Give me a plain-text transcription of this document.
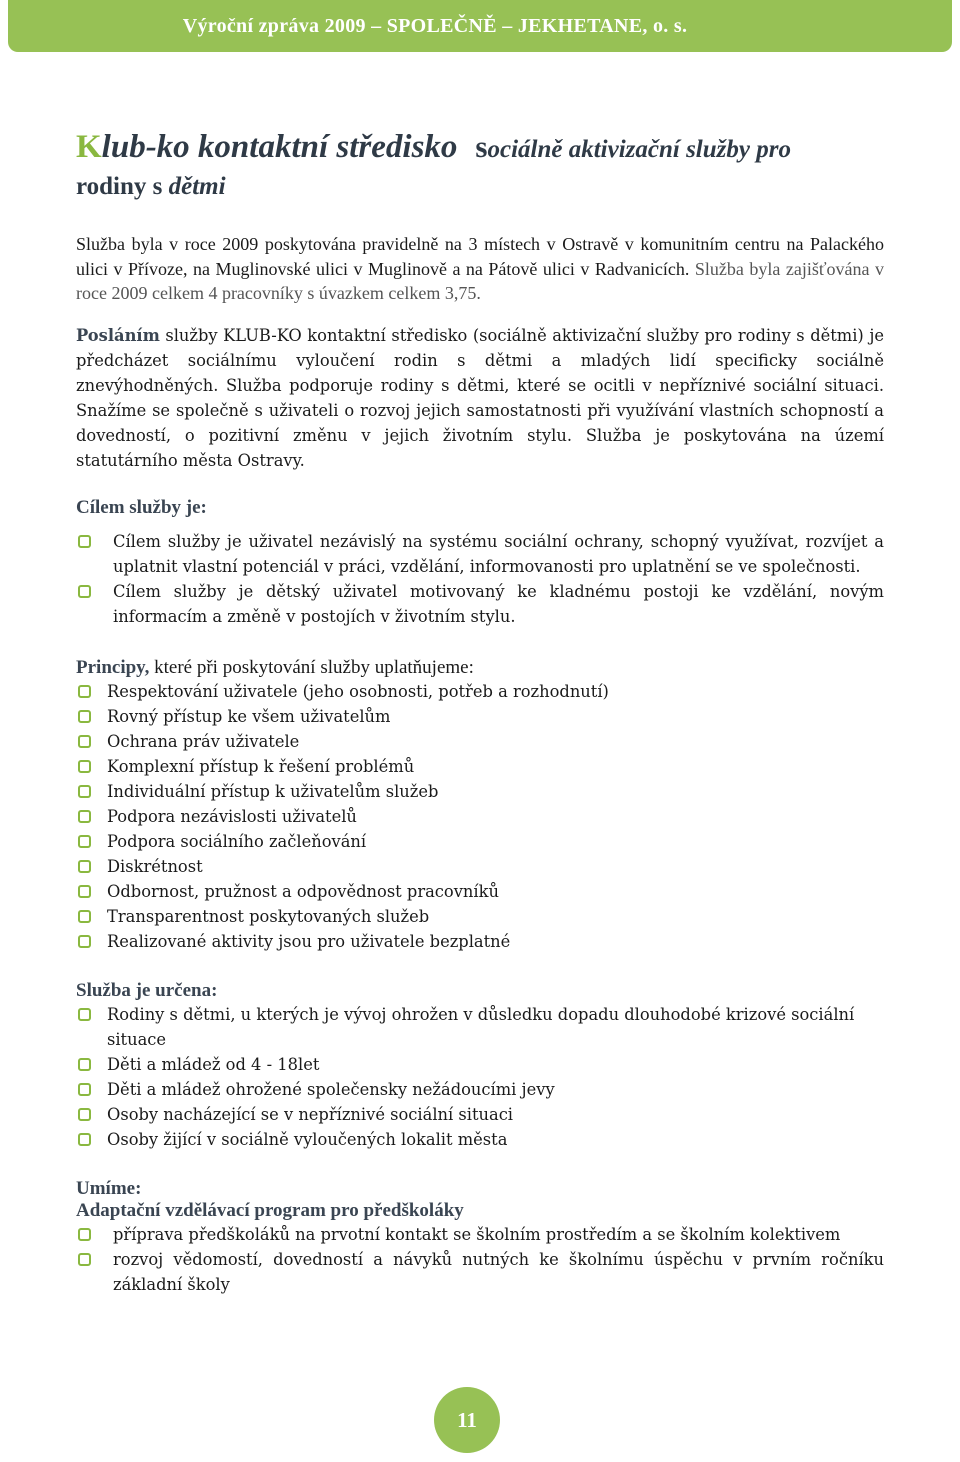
Výroční zpráva 2009 – SPOLEČNĚ – JEKHETANE, o. s.
Klub-ko kontaktní středisko sociálně aktivizační služby pro
rodiny s dětmi

Služba byla v roce 2009 poskytována pravidelně na 3 místech v Ostravě v komunitním centru na Palackého ulici v Přívoze, na Muglinovské ulici v Muglinově a na Pátově ulici v Radvanicích. Služba byla zajišťována v roce 2009 celkem 4 pracovníky s úvazkem celkem 3,75.

Posláním služby KLUB-KO kontaktní středisko (sociálně aktivizační služby pro rodiny s dětmi) je předcházet sociálnímu vyloučení rodin s dětmi a mladých lidí specificky sociálně znevýhodněných. Služba podporuje rodiny s dětmi, které se ocitli v nepříznivé sociální situaci. Snažíme se společně s uživateli o rozvoj jejich samostatnosti při využívání vlastních schopností a dovedností, o pozitivní změnu v jejich životním stylu. Služba je poskytována na území statutárního města Ostravy.

Cílem služby je:
Cílem služby je uživatel nezávislý na systému sociální ochrany, schopný využívat, rozvíjet a uplatnit vlastní potenciál v práci, vzdělání, informovanosti pro uplatnění se ve společnosti.
Cílem služby je dětský uživatel motivovaný ke kladnému postoji ke vzdělání, novým informacím a změně v postojích v životním stylu.
Principy, které při poskytování služby uplatňujeme:
Respektování uživatele (jeho osobnosti, potřeb a rozhodnutí)
Rovný přístup ke všem uživatelům
Ochrana práv uživatele
Komplexní přístup k řešení problémů
Individuální přístup k uživatelům služeb
Podpora nezávislosti uživatelů
Podpora sociálního začleňování
Diskrétnost
Odbornost, pružnost a odpovědnost pracovníků
Transparentnost poskytovaných služeb
Realizované aktivity jsou pro uživatele bezplatné
Služba je určena:
Rodiny s dětmi, u kterých je vývoj ohrožen v důsledku dopadu dlouhodobé krizové sociální situace
Děti a mládež od 4 - 18let
Děti a mládež ohrožené společensky nežádoucími jevy
Osoby nacházející se v nepříznivé sociální situaci
Osoby žijící v sociálně vyloučených lokalit města
Umíme:
Adaptační vzdělávací program pro předškoláky
příprava předškoláků na prvotní kontakt se školním prostředím a se školním kolektivem
rozvoj vědomostí, dovedností a návyků nutných ke školnímu úspěchu v prvním ročníku základní školy
11
